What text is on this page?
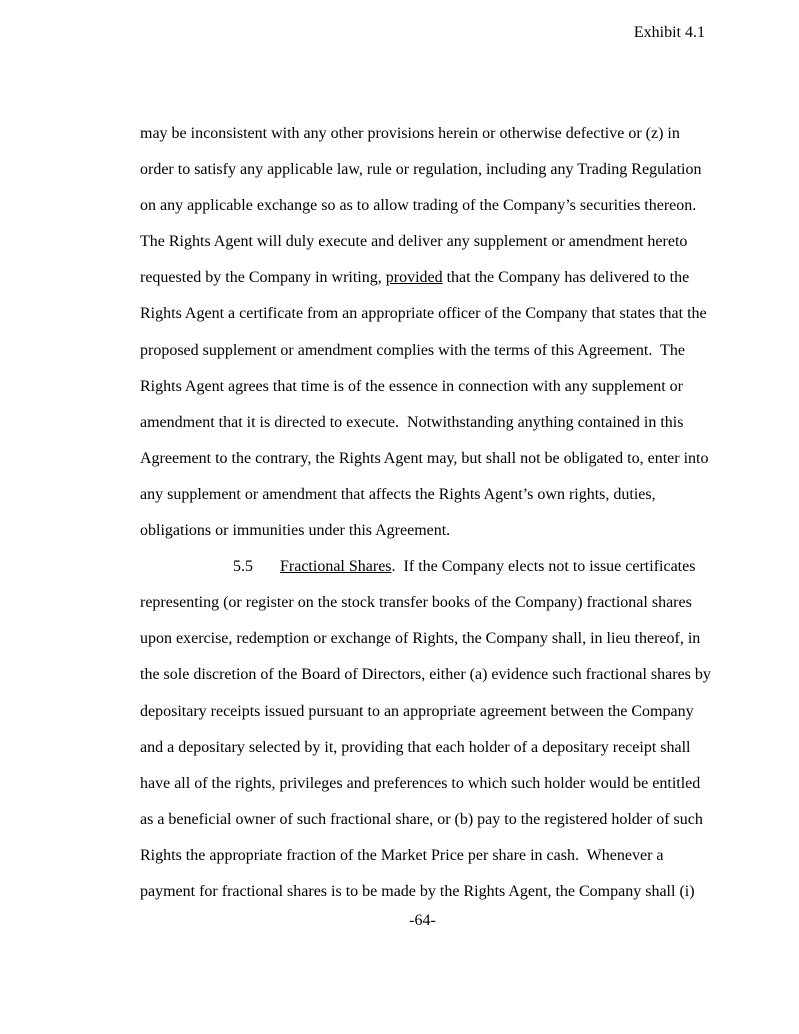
Exhibit 4.1
may be inconsistent with any other provisions herein or otherwise defective or (z) in
order to satisfy any applicable law, rule or regulation, including any Trading Regulation
on any applicable exchange so as to allow trading of the Company’s securities thereon.
The Rights Agent will duly execute and deliver any supplement or amendment hereto
requested by the Company in writing, provided that the Company has delivered to the
Rights Agent a certificate from an appropriate officer of the Company that states that the
proposed supplement or amendment complies with the terms of this Agreement.  The
Rights Agent agrees that time is of the essence in connection with any supplement or
amendment that it is directed to execute.  Notwithstanding anything contained in this
Agreement to the contrary, the Rights Agent may, but shall not be obligated to, enter into
any supplement or amendment that affects the Rights Agent’s own rights, duties,
obligations or immunities under this Agreement.
5.5 Fractional Shares.  If the Company elects not to issue certificates
representing (or register on the stock transfer books of the Company) fractional shares
upon exercise, redemption or exchange of Rights, the Company shall, in lieu thereof, in
the sole discretion of the Board of Directors, either (a) evidence such fractional shares by
depositary receipts issued pursuant to an appropriate agreement between the Company
and a depositary selected by it, providing that each holder of a depositary receipt shall
have all of the rights, privileges and preferences to which such holder would be entitled
as a beneficial owner of such fractional share, or (b) pay to the registered holder of such
Rights the appropriate fraction of the Market Price per share in cash.  Whenever a
payment for fractional shares is to be made by the Rights Agent, the Company shall (i)
-64-
